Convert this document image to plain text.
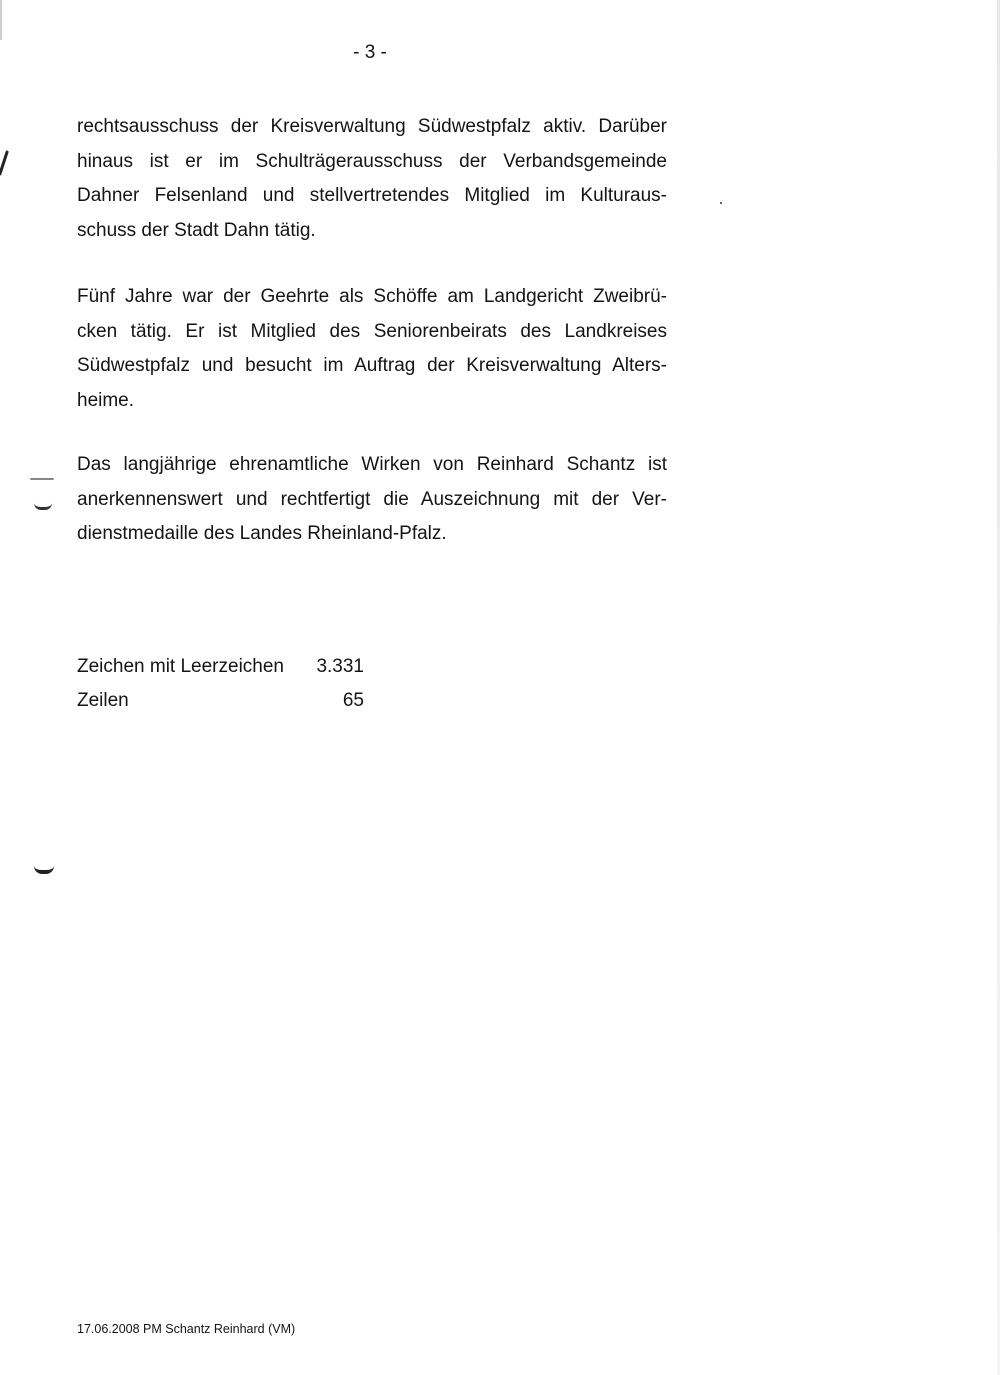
- 3 -

rechtsausschuss der Kreisverwaltung Südwestpfalz aktiv. Darüber
hinaus ist er im Schulträgerausschuss der Verbandsgemeinde
Dahner Felsenland und stellvertretendes Mitglied im Kulturaus-
schuss der Stadt Dahn tätig.

Fünf Jahre war der Geehrte als Schöffe am Landgericht Zweibrü-
cken tätig. Er ist Mitglied des Seniorenbeirats des Landkreises
Südwestpfalz und besucht im Auftrag der Kreisverwaltung Alters-
heime.

Das langjährige ehrenamtliche Wirken von Reinhard Schantz ist
anerkennenswert und rechtfertigt die Auszeichnung mit der Ver-
dienstmedaille des Landes Rheinland-Pfalz.

Zeichen mit Leerzeichen 3.331
Zeilen	65
17.06.2008 PM Schantz Reinhard (VM)
